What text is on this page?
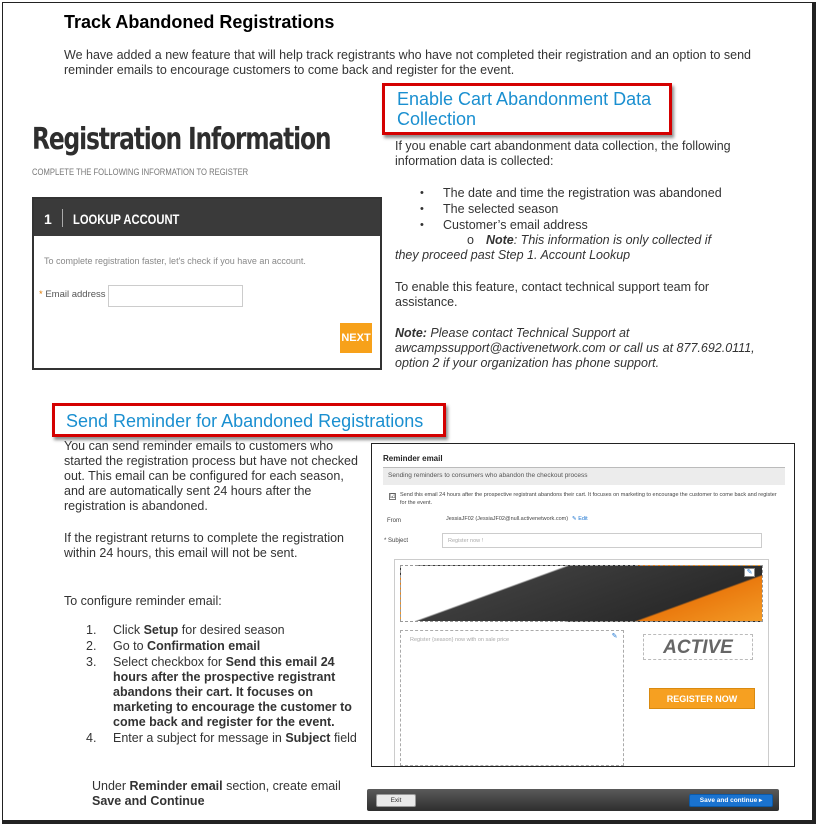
Track Abandoned Registrations
We have added a new feature that will help track registrants who have not completed their registration and an option to send reminder emails to encourage customers to come back and register for the event.
Enable Cart Abandonment Data
Collection
If you enable cart abandonment data collection, the following information data is collected:
• The date and time the registration was abandoned
• The selected season
• Customer’s email address
o Note: This information is only collected if
they proceed past Step 1. Account Lookup
To enable this feature, contact technical support team for assistance.
Note: Please contact Technical Support at awcampssupport@activenetwork.com or call us at 877.692.0111, option 2 if your organization has phone support.
Registration Information
COMPLETE THE FOLLOWING INFORMATION TO REGISTER
1 LOOKUP ACCOUNT
To complete registration faster, let's check if you have an account.
* Email address
NEXT
Send Reminder for Abandoned Registrations
You can send reminder emails to customers who started the registration process but have not checked out. This email can be configured for each season, and are automatically sent 24 hours after the registration is abandoned.
If the registrant returns to complete the registration within 24 hours, this email will not be sent.
To configure reminder email:
1. Click Setup for desired season
2. Go to Confirmation email
3. Select checkbox for Send this email 24 hours after the prospective registrant abandons their cart. It focuses on marketing to encourage the customer to come back and register for the event.
4. Enter a subject for message in Subject field
Under Reminder email section, create email
Save and Continue
Reminder email
Sending reminders to consumers who abandon the checkout process
☑ Send this email 24 hours after the prospective registrant abandons their cart. It focuses on marketing to encourage the customer to come back and register for the event.
From	JessiaJF02 (JessiaJF02@null.activenetwork.com) ✎ Edit
* Subject	Register now !
ACTIVE
✎
Register {season} now with on sale price	✎
ACTIVE
REGISTER NOW
Exit	Save and continue ▸
